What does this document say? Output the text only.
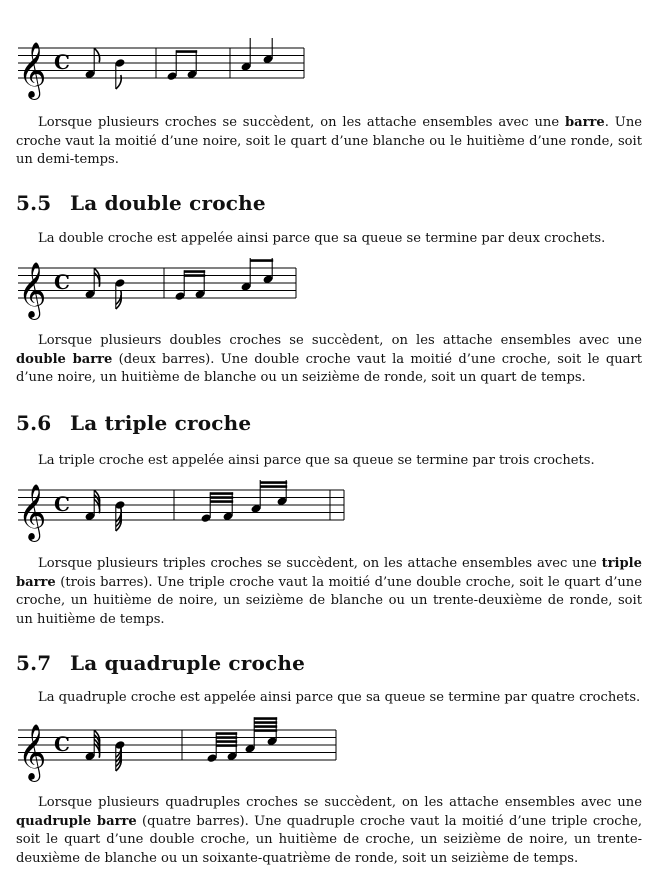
𝄞 C

Lorsque plusieurs croches se succèdent, on les attache ensembles avec une barre. Une croche vaut la moitié d’une noire, soit le quart d’une blanche ou le huitième d’une ronde, soit un demi-temps.

5.5 La double croche

La double croche est appelée ainsi parce que sa queue se termine par deux crochets.

𝄞 C

Lorsque plusieurs doubles croches se succèdent, on les attache ensembles avec une double barre (deux barres). Une double croche vaut la moitié d’une croche, soit le quart d’une noire, un huitième de blanche ou un seizième de ronde, soit un quart de temps.

5.6 La triple croche

La triple croche est appelée ainsi parce que sa queue se termine par trois crochets.

𝄞 C

Lorsque plusieurs triples croches se succèdent, on les attache ensembles avec une triple barre (trois barres). Une triple croche vaut la moitié d’une double croche, soit le quart d’une croche, un huitième de noire, un seizième de blanche ou un trente-deuxième de ronde, soit un huitième de temps.

5.7 La quadruple croche

La quadruple croche est appelée ainsi parce que sa queue se termine par quatre crochets.

𝄞 C

Lorsque plusieurs quadruples croches se succèdent, on les attache ensembles avec une quadruple barre (quatre barres). Une quadruple croche vaut la moitié d’une triple croche, soit le quart d’une double croche, un huitième de croche, un seizième de noire, un trente-deuxième de blanche ou un soixante-quatrième de ronde, soit un seizième de temps.
